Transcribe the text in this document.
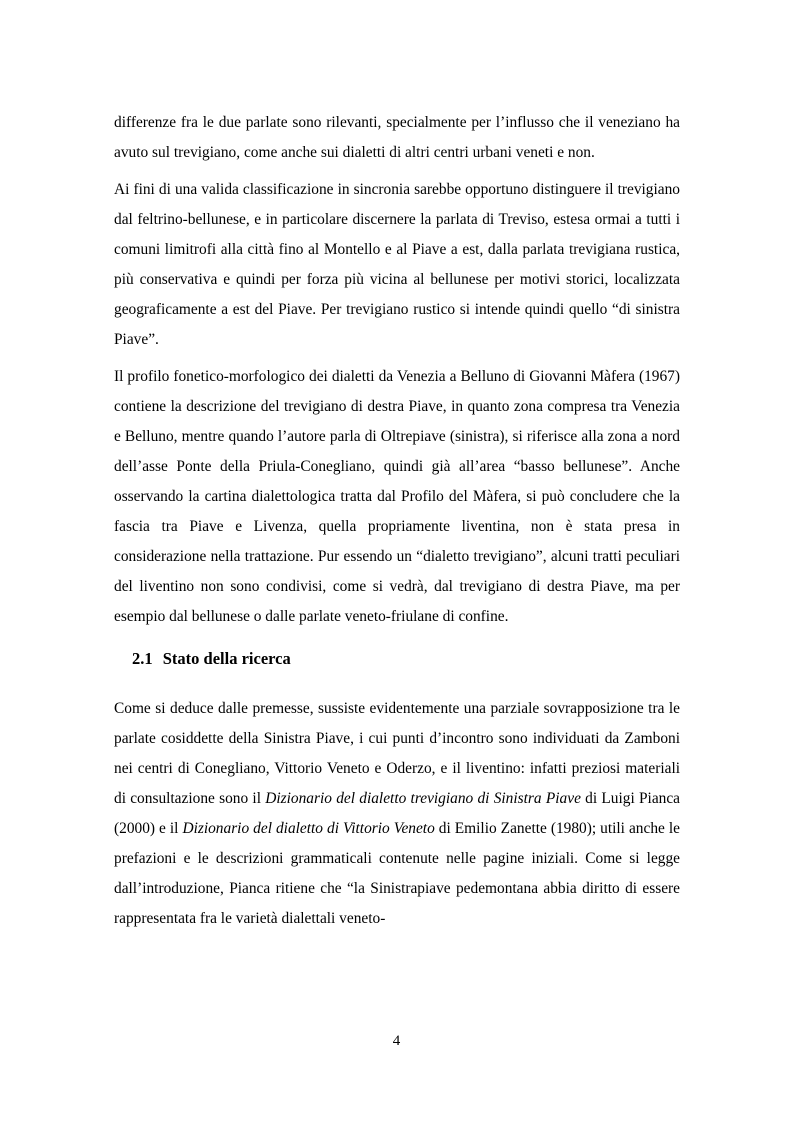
differenze fra le due parlate sono rilevanti, specialmente per l’influsso che il veneziano ha avuto sul trevigiano, come anche sui dialetti di altri centri urbani veneti e non.

Ai fini di una valida classificazione in sincronia sarebbe opportuno distinguere il trevigiano dal feltrino-bellunese, e in particolare discernere la parlata di Treviso, estesa ormai a tutti i comuni limitrofi alla città fino al Montello e al Piave a est, dalla parlata trevigiana rustica, più conservativa e quindi per forza più vicina al bellunese per motivi storici, localizzata geograficamente a est del Piave. Per trevigiano rustico si intende quindi quello “di sinistra Piave”.

Il profilo fonetico-morfologico dei dialetti da Venezia a Belluno di Giovanni Màfera (1967) contiene la descrizione del trevigiano di destra Piave, in quanto zona compresa tra Venezia e Belluno, mentre quando l’autore parla di Oltrepiave (sinistra), si riferisce alla zona a nord dell’asse Ponte della Priula-Conegliano, quindi già all’area “basso bellunese”. Anche osservando la cartina dialettologica tratta dal Profilo del Màfera, si può concludere che la fascia tra Piave e Livenza, quella propriamente liventina, non è stata presa in considerazione nella trattazione. Pur essendo un “dialetto trevigiano”, alcuni tratti peculiari del liventino non sono condivisi, come si vedrà, dal trevigiano di destra Piave, ma per esempio dal bellunese o dalle parlate veneto-friulane di confine.

2.1 Stato della ricerca

Come si deduce dalle premesse, sussiste evidentemente una parziale sovrapposizione tra le parlate cosiddette della Sinistra Piave, i cui punti d’incontro sono individuati da Zamboni nei centri di Conegliano, Vittorio Veneto e Oderzo, e il liventino: infatti preziosi materiali di consultazione sono il Dizionario del dialetto trevigiano di Sinistra Piave di Luigi Pianca (2000) e il Dizionario del dialetto di Vittorio Veneto di Emilio Zanette (1980); utili anche le prefazioni e le descrizioni grammaticali contenute nelle pagine iniziali. Come si legge dall’introduzione, Pianca ritiene che “la Sinistrapiave pedemontana abbia diritto di essere rappresentata fra le varietà dialettali veneto-

4
